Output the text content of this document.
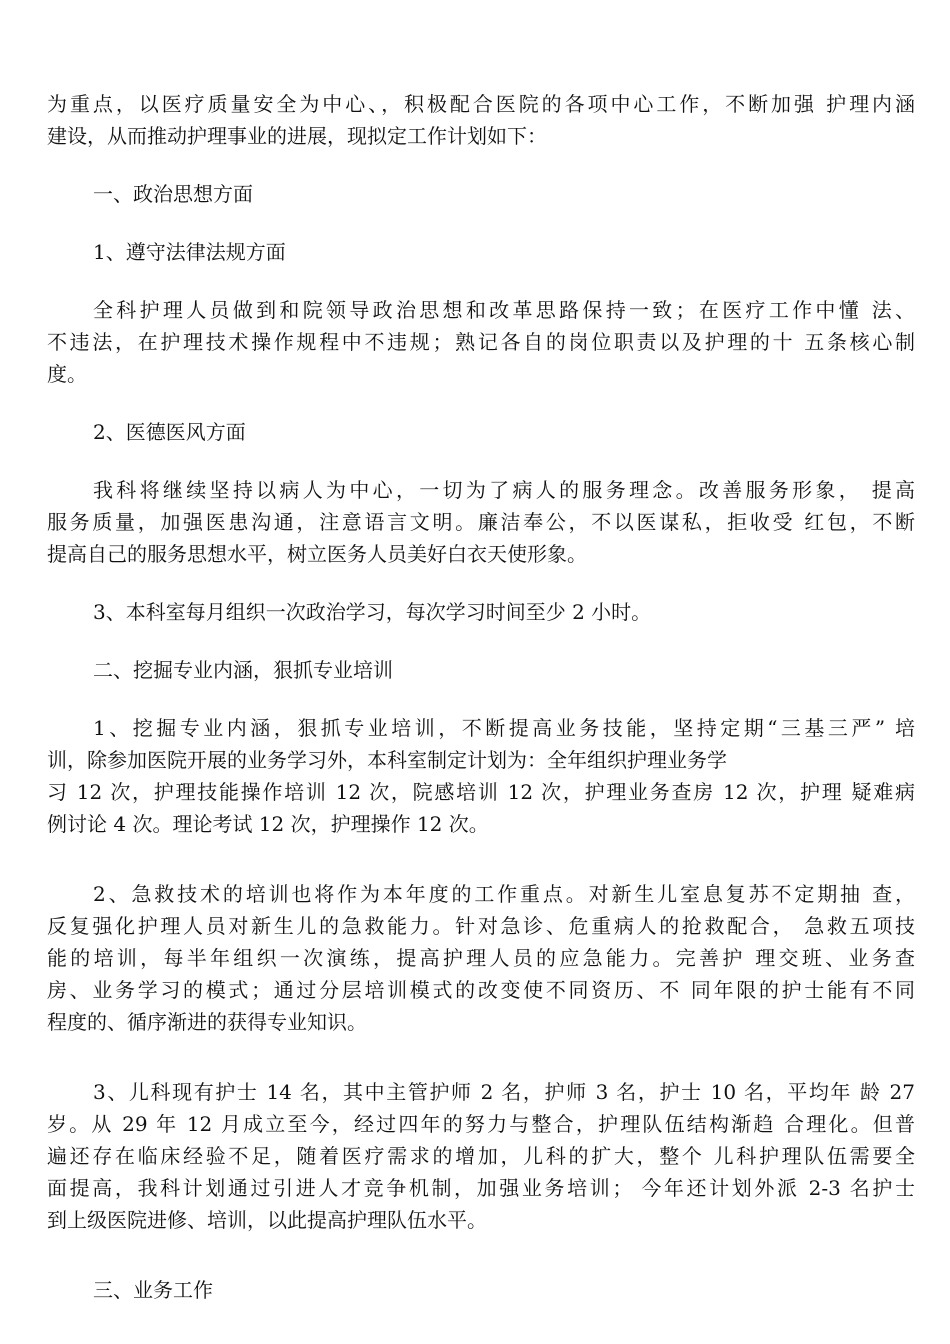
为重点，以医疗质量安全为中心、，积极配合医院的各项中心工作，不断加强 护理内涵
建设，从而推动护理事业的进展，现拟定工作计划如下：
一、政治思想方面
1、遵守法律法规方面
全科护理人员做到和院领导政治思想和改革思路保持一致；在医疗工作中懂 法、
不违法，在护理技术操作规程中不违规；熟记各自的岗位职责以及护理的十 五条核心制
度。
2、医德医风方面
我科将继续坚持以病人为中心，一切为了病人的服务理念。改善服务形象， 提高
服务质量，加强医患沟通，注意语言文明。廉洁奉公，不以医谋私，拒收受 红包，不断
提高自己的服务思想水平，树立医务人员美好白衣天使形象。
3、本科室每月组织一次政治学习，每次学习时间至少 2 小时。
二、挖掘专业内涵，狠抓专业培训
1、挖掘专业内涵，狠抓专业培训，不断提高业务技能，坚持定期“三基三严” 培
训，除参加医院开展的业务学习外，本科室制定计划为：全年组织护理业务学
习 12 次，护理技能操作培训 12 次，院感培训 12 次，护理业务查房 12 次，护理 疑难病
例讨论 4 次。理论考试 12 次，护理操作 12 次。
2、急救技术的培训也将作为本年度的工作重点。对新生儿室息复苏不定期抽 查，
反复强化护理人员对新生儿的急救能力。针对急诊、危重病人的抢救配合， 急救五项技
能的培训，每半年组织一次演练，提高护理人员的应急能力。完善护 理交班、业务查
房、业务学习的模式；通过分层培训模式的改变使不同资历、不 同年限的护士能有不同
程度的、循序渐进的获得专业知识。
3、儿科现有护士 14 名，其中主管护师 2 名，护师 3 名，护士 10 名，平均年 龄 27
岁。从 29 年 12 月成立至今，经过四年的努力与整合，护理队伍结构渐趋 合理化。但普
遍还存在临床经验不足，随着医疗需求的增加，儿科的扩大，整个 儿科护理队伍需要全
面提高，我科计划通过引进人才竞争机制，加强业务培训； 今年还计划外派 2-3 名护士
到上级医院进修、培训，以此提高护理队伍水平。
三、业务工作
